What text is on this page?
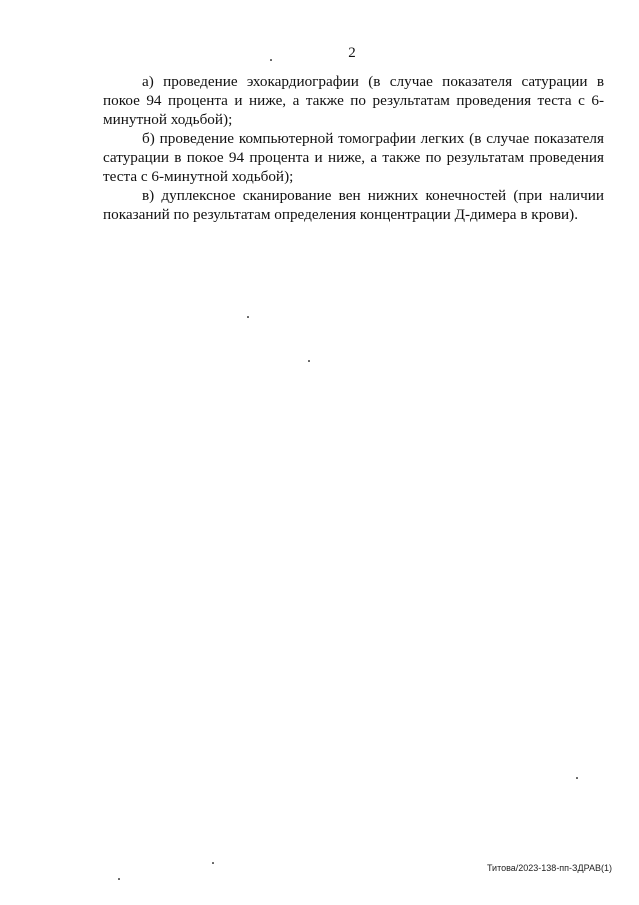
2

а) проведение эхокардиографии (в случае показателя сатурации в покое 94 процента и ниже, а также по результатам проведения теста с 6-минутной ходьбой);

б) проведение компьютерной томографии легких (в случае показателя сатурации в покое 94 процента и ниже, а также по результатам проведения теста с 6-минутной ходьбой);

в) дуплексное сканирование вен нижних конечностей (при наличии показаний по результатам определения концентрации Д-димера в крови).

Титова/2023-138-пп-ЗДРАВ(1)
